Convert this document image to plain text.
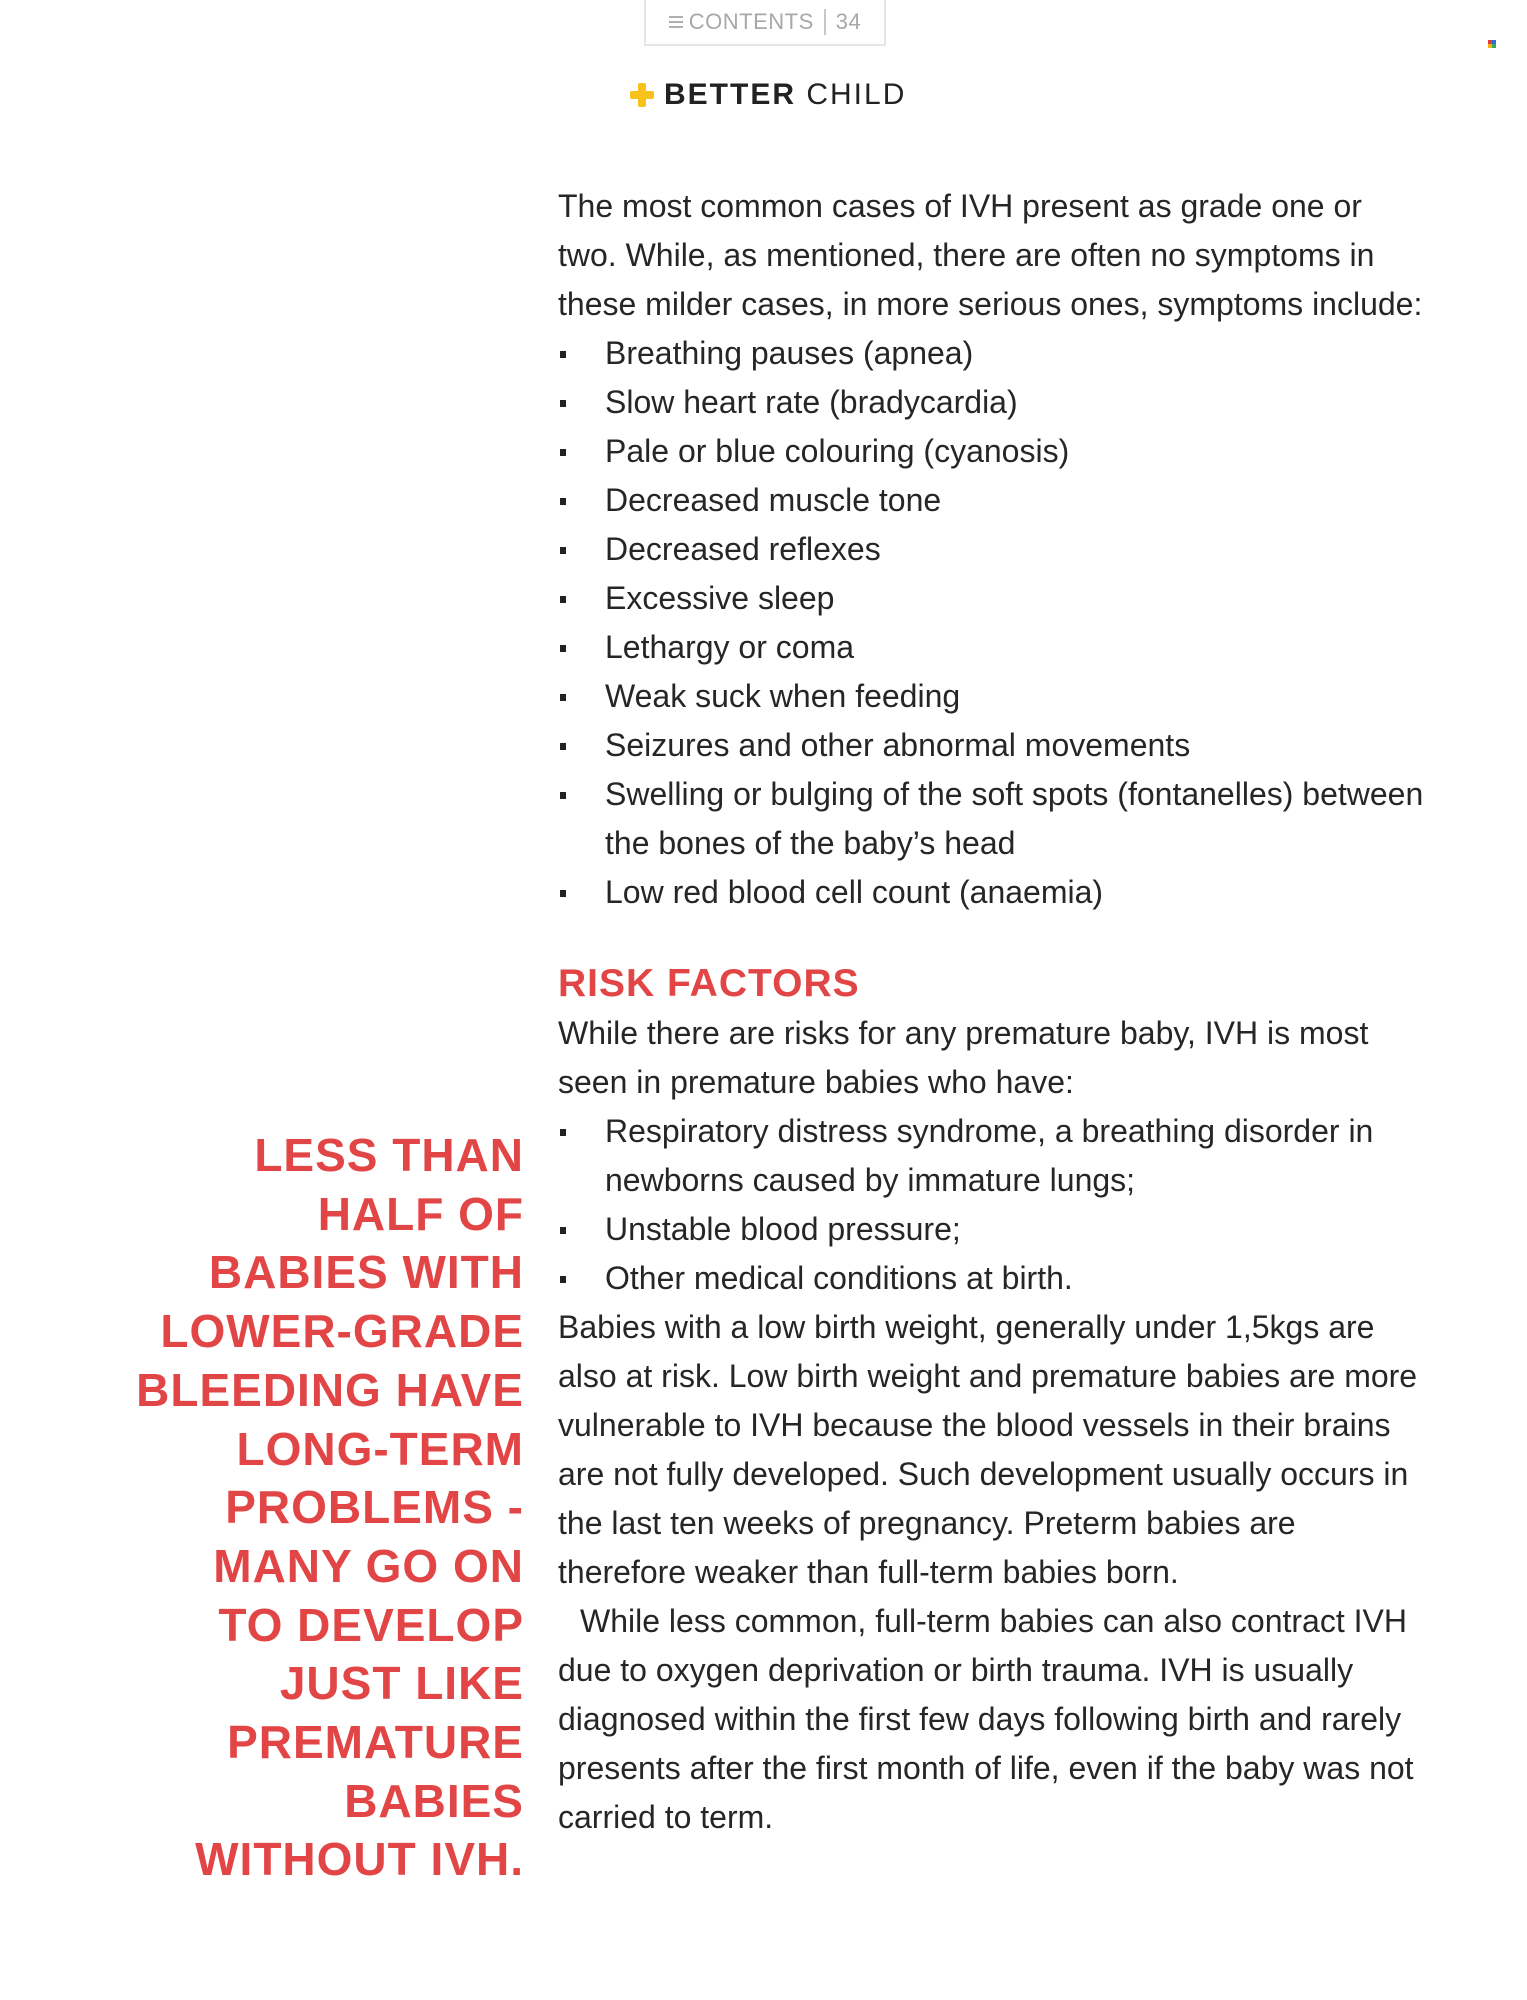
CONTENTS 34
BETTER CHILD

The most common cases of IVH present as grade one or two. While, as mentioned, there are often no symptoms in these milder cases, in more serious ones, symptoms include:

Breathing pauses (apnea)
Slow heart rate (bradycardia)
Pale or blue colouring (cyanosis)
Decreased muscle tone
Decreased reflexes
Excessive sleep
Lethargy or coma
Weak suck when feeding
Seizures and other abnormal movements
Swelling or bulging of the soft spots (fontanelles) between the bones of the baby’s head
Low red blood cell count (anaemia)

RISK FACTORS

While there are risks for any premature baby, IVH is most seen in premature babies who have:

Respiratory distress syndrome, a breathing disorder in newborns caused by immature lungs;
Unstable blood pressure;
Other medical conditions at birth.

Babies with a low birth weight, generally under 1,5kgs are also at risk. Low birth weight and premature babies are more vulnerable to IVH because the blood vessels in their brains are not fully developed. Such development usually occurs in the last ten weeks of pregnancy. Preterm babies are therefore weaker than full-term babies born.

While less common, full-term babies can also contract IVH due to oxygen deprivation or birth trauma. IVH is usually diagnosed within the first few days following birth and rarely presents after the first month of life, even if the baby was not carried to term.

LESS THAN
HALF OF
BABIES WITH
LOWER-GRADE
BLEEDING HAVE
LONG-TERM
PROBLEMS -
MANY GO ON
TO DEVELOP
JUST LIKE
PREMATURE
BABIES
WITHOUT IVH.
